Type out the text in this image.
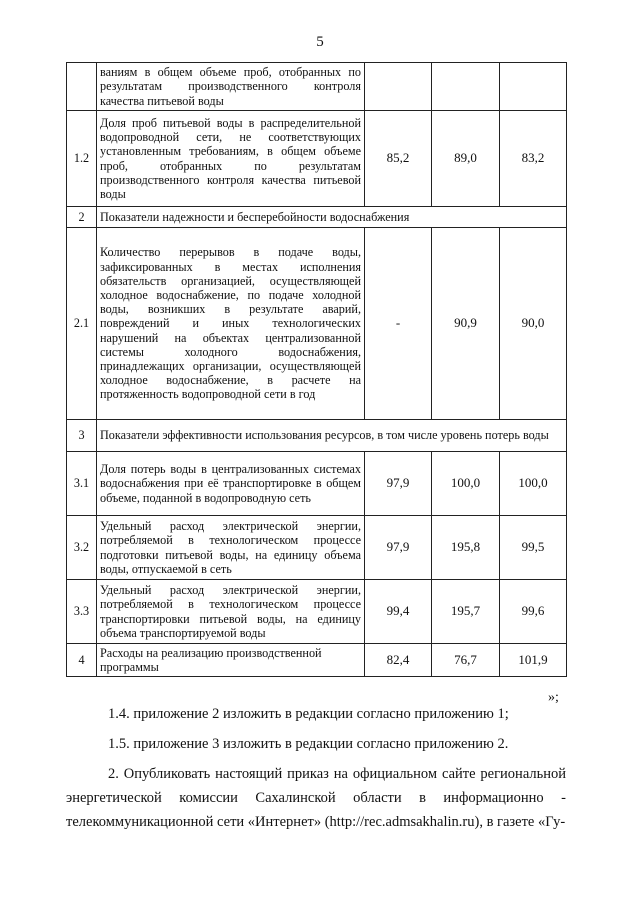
5
	ваниям в общем объеме проб, отобранных по результатам производственного контроля качества питьевой воды			
1.2	Доля проб питьевой воды в распределительной водопроводной сети, не соответствующих установленным требованиям, в общем объеме проб, отобранных по результатам производственного контроля качества питьевой воды	85,2	89,0	83,2
2	Показатели надежности и бесперебойности водоснабжения			
2.1	Количество перерывов в подаче воды, зафиксированных в местах исполнения обязательств организацией, осуществляющей холодное водоснабжение, по подаче холодной воды, возникших в результате аварий, повреждений и иных технологических нарушений на объектах централизованной системы холодного водоснабжения, принадлежащих организации, осуществляющей холодное водоснабжение, в расчете на протяженность водопроводной сети в год	-	90,9	90,0
3	Показатели эффективности использования ресурсов, в том числе уровень потерь воды			
3.1	Доля потерь воды в централизованных системах водоснабжения при её транспортировке в общем объеме, поданной в водопроводную сеть	97,9	100,0	100,0
3.2	Удельный расход электрической энергии, потребляемой в технологическом процессе подготовки питьевой воды, на единицу объема воды, отпускаемой в сеть	97,9	195,8	99,5
3.3	Удельный расход электрической энергии, потребляемой в технологическом процессе транспортировки питьевой воды, на единицу объема транспортируемой воды	99,4	195,7	99,6
4	Расходы на реализацию производственной программы	82,4	76,7	101,9
»;

1.4. приложение 2 изложить в редакции согласно приложению 1;

1.5. приложение 3 изложить в редакции согласно приложению 2.

2. Опубликовать настоящий приказ на официальном сайте региональной энергетической комиссии Сахалинской области в информационно - телекоммуникационной сети «Интернет» (http://rec.admsakhalin.ru), в газете «Гу-
